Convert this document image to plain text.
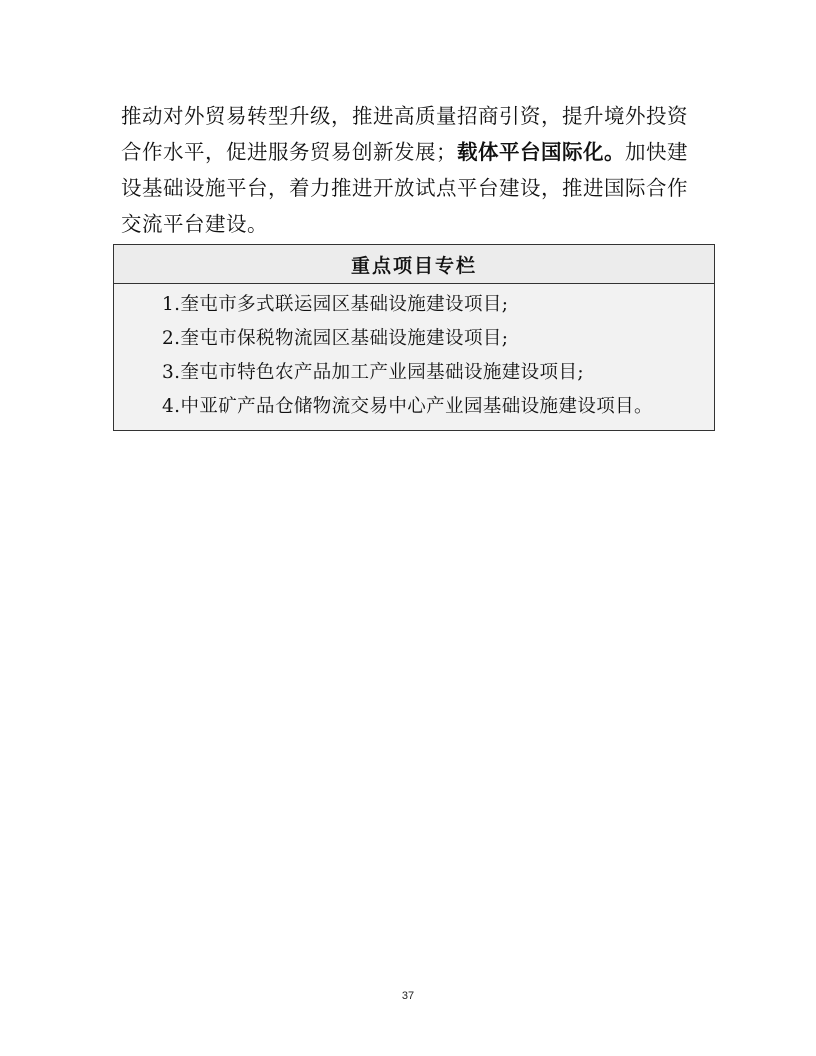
推动对外贸易转型升级，推进高质量招商引资，提升境外投资合作水平，促进服务贸易创新发展；载体平台国际化。加快建设基础设施平台，着力推进开放试点平台建设，推进国际合作交流平台建设。

重点项目专栏
1.奎屯市多式联运园区基础设施建设项目;
2.奎屯市保税物流园区基础设施建设项目;
3.奎屯市特色农产品加工产业园基础设施建设项目;
4.中亚矿产品仓储物流交易中心产业园基础设施建设项目。
37
